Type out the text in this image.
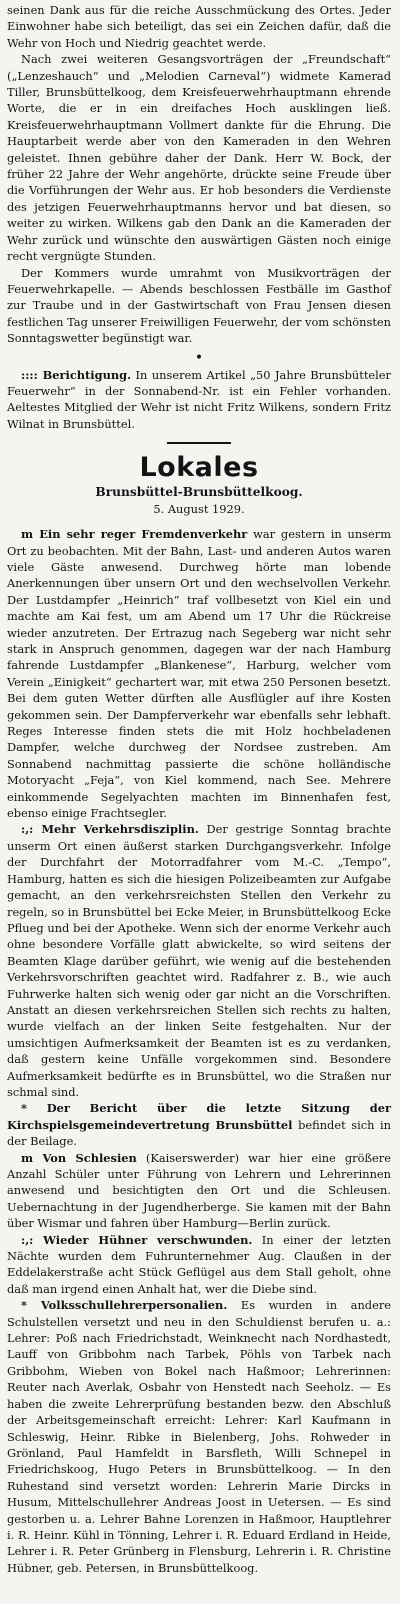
seinen Dank aus für die reiche Ausschmückung des Ortes. Jeder Einwohner habe sich beteiligt, das sei ein Zeichen dafür, daß die Wehr von Hoch und Niedrig geachtet werde.

Nach zwei weiteren Gesangsvorträgen der „Freundschaft“ („Lenzeshauch“ und „Melodien Carneval“) widmete Kamerad Tiller, Brunsbüttelkoog, dem Kreisfeuerwehrhauptmann ehrende Worte, die er in ein dreifaches Hoch ausklingen ließ. Kreisfeuerwehrhauptmann Vollmert dankte für die Ehrung. Die Hauptarbeit werde aber von den Kameraden in den Wehren geleistet. Ihnen gebühre daher der Dank. Herr W. Bock, der früher 22 Jahre der Wehr angehörte, drückte seine Freude über die Vorführungen der Wehr aus. Er hob besonders die Verdienste des jetzigen Feuerwehrhauptmanns hervor und bat diesen, so weiter zu wirken. Wilkens gab den Dank an die Kameraden der Wehr zurück und wünschte den auswärtigen Gästen noch einige recht vergnügte Stunden.

Der Kommers wurde umrahmt von Musikvorträgen der Feuerwehrkapelle. — Abends beschlossen Festbälle im Gasthof zur Traube und in der Gastwirtschaft von Frau Jensen diesen festlichen Tag unserer Freiwilligen Feuerwehr, der vom schönsten Sonntagswetter begünstigt war.

•

:::: Berichtigung. In unserem Artikel „50 Jahre Brunsbütteler Feuerwehr“ in der Sonnabend-Nr. ist ein Fehler vorhanden. Aeltestes Mitglied der Wehr ist nicht Fritz Wilkens, sondern Fritz Wilnat in Brunsbüttel.

Lokales
Brunsbüttel-Brunsbüttelkoog.
5. August 1929.

m Ein sehr reger Fremdenverkehr war gestern in unserm Ort zu beobachten. Mit der Bahn, Last- und anderen Autos waren viele Gäste anwesend. Durchweg hörte man lobende Anerkennungen über unsern Ort und den wechselvollen Verkehr. Der Lustdampfer „Heinrich“ traf vollbesetzt von Kiel ein und machte am Kai fest, um am Abend um 17 Uhr die Rückreise wieder anzutreten. Der Ertrazug nach Segeberg war nicht sehr stark in Anspruch genommen, dagegen war der nach Hamburg fahrende Lustdampfer „Blankenese“, Harburg, welcher vom Verein „Einigkeit“ gechartert war, mit etwa 250 Personen besetzt. Bei dem guten Wetter dürften alle Ausflügler auf ihre Kosten gekommen sein. Der Dampferverkehr war ebenfalls sehr lebhaft. Reges Interesse finden stets die mit Holz hochbeladenen Dampfer, welche durchweg der Nordsee zustreben. Am Sonnabend nachmittag passierte die schöne holländische Motoryacht „Feja“, von Kiel kommend, nach See. Mehrere einkommende Segelyachten machten im Binnenhafen fest, ebenso einige Frachtsegler.

:,: Mehr Verkehrsdisziplin. Der gestrige Sonntag brachte unserm Ort einen äußerst starken Durchgangsverkehr. Infolge der Durchfahrt der Motorradfahrer vom M.-C. „Tempo“, Hamburg, hatten es sich die hiesigen Polizeibeamten zur Aufgabe gemacht, an den verkehrsreichsten Stellen den Verkehr zu regeln, so in Brunsbüttel bei Ecke Meier, in Brunsbüttelkoog Ecke Pflueg und bei der Apotheke. Wenn sich der enorme Verkehr auch ohne besondere Vorfälle glatt abwickelte, so wird seitens der Beamten Klage darüber geführt, wie wenig auf die bestehenden Verkehrsvorschriften geachtet wird. Radfahrer z. B., wie auch Fuhrwerke halten sich wenig oder gar nicht an die Vorschriften. Anstatt an diesen verkehrsreichen Stellen sich rechts zu halten, wurde vielfach an der linken Seite festgehalten. Nur der umsichtigen Aufmerksamkeit der Beamten ist es zu verdanken, daß gestern keine Unfälle vorgekommen sind. Besondere Aufmerksamkeit bedürfte es in Brunsbüttel, wo die Straßen nur schmal sind.

* Der Bericht über die letzte Sitzung der Kirchspielsgemeindevertretung Brunsbüttel befindet sich in der Beilage.

m Von Schlesien (Kaiserswerder) war hier eine größere Anzahl Schüler unter Führung von Lehrern und Lehrerinnen anwesend und besichtigten den Ort und die Schleusen. Uebernachtung in der Jugendherberge. Sie kamen mit der Bahn über Wismar und fahren über Hamburg—Berlin zurück.

:,: Wieder Hühner verschwunden. In einer der letzten Nächte wurden dem Fuhrunternehmer Aug. Claußen in der Eddelakerstraße acht Stück Geflügel aus dem Stall geholt, ohne daß man irgend einen Anhalt hat, wer die Diebe sind.

* Volksschullehrerpersonalien. Es wurden in andere Schulstellen versetzt und neu in den Schuldienst berufen u. a.: Lehrer: Poß nach Friedrichstadt, Weinknecht nach Nordhastedt, Lauff von Gribbohm nach Tarbek, Pöhls von Tarbek nach Gribbohm, Wieben von Bokel nach Haßmoor; Lehrerinnen: Reuter nach Averlak, Osbahr von Henstedt nach Seeholz. — Es haben die zweite Lehrerprüfung bestanden bezw. den Abschluß der Arbeitsgemeinschaft erreicht: Lehrer: Karl Kaufmann in Schleswig, Heinr. Ribke in Bielenberg, Johs. Rohweder in Grönland, Paul Hamfeldt in Barsfleth, Willi Schnepel in Friedrichskoog, Hugo Peters in Brunsbüttelkoog. — In den Ruhestand sind versetzt worden: Lehrerin Marie Dircks in Husum, Mittelschullehrer Andreas Joost in Uetersen. — Es sind gestorben u. a. Lehrer Bahne Lorenzen in Haßmoor, Hauptlehrer i. R. Heinr. Kühl in Tönning, Lehrer i. R. Eduard Erdland in Heide, Lehrer i. R. Peter Grünberg in Flensburg, Lehrerin i. R. Christine Hübner, geb. Petersen, in Brunsbüttelkoog.
